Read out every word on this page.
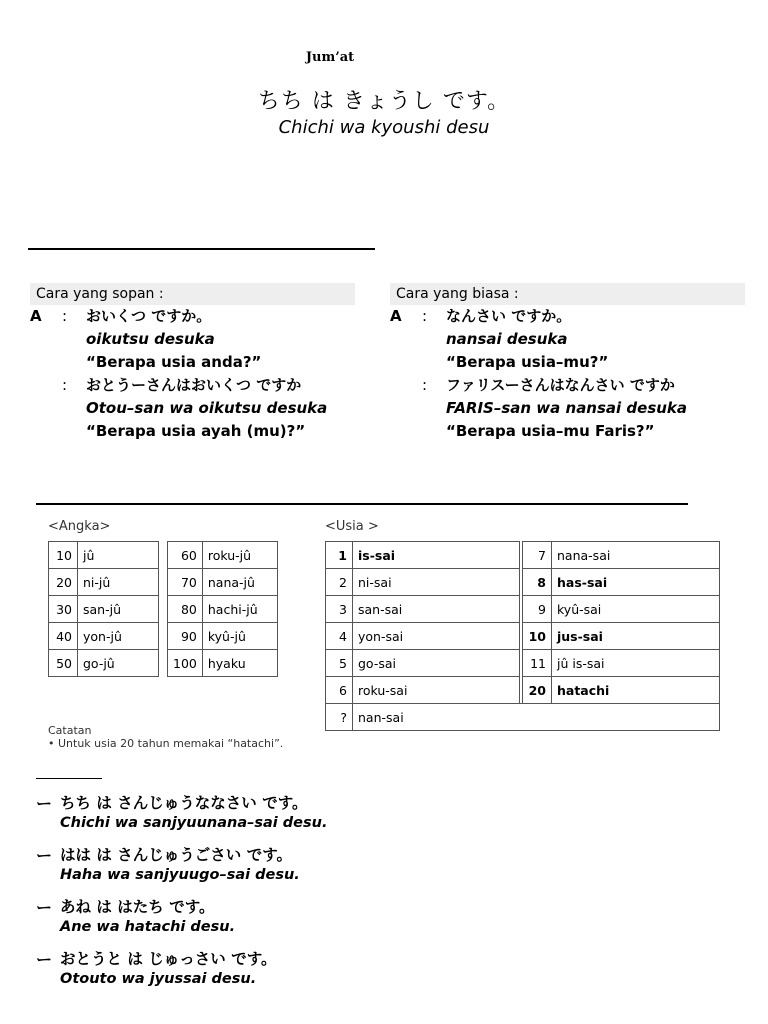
Jum’at
ちち は きょうし です。
Chichi wa kyoushi desu
Cara yang sopan :
A	:	おいくつ ですか。
oikutsu desuka
“Berapa usia anda?”
:	おとうーさんはおいくつ ですか
Otou–san wa oikutsu desuka
“Berapa usia ayah (mu)?”
Cara yang biasa :
A	:	なんさい ですか。
nansai desuka
“Berapa usia–mu?”
:	ファリスーさんはなんさい ですか
FARIS–san wa nansai desuka
“Berapa usia–mu Faris?”
<Angka>
10	jû
20	ni-jû
30	san-jû
40	yon-jû
50	go-jû
60	roku-jû
70	nana-jû
80	hachi-jû
90	kyû-jû
100	hyaku
<Usia >
1	is-sai		7	nana-sai
2	ni-sai		8	has-sai
3	san-sai		9	kyû-sai
4	yon-sai		10	jus-sai
5	go-sai		11	jû is-sai
6	roku-sai		20	hatachi
?	nan-sai			
Catatan
• Untuk usia 20 tahun memakai “hatachi”.
ー ちち は さんじゅうななさい です。
Chichi wa sanjyuunana–sai desu.
ー はは は さんじゅうごさい です。
Haha wa sanjyuugo–sai desu.
ー あね は はたち です。
Ane wa hatachi desu.
ー おとうと は じゅっさい です。
Otouto wa jyussai desu.
